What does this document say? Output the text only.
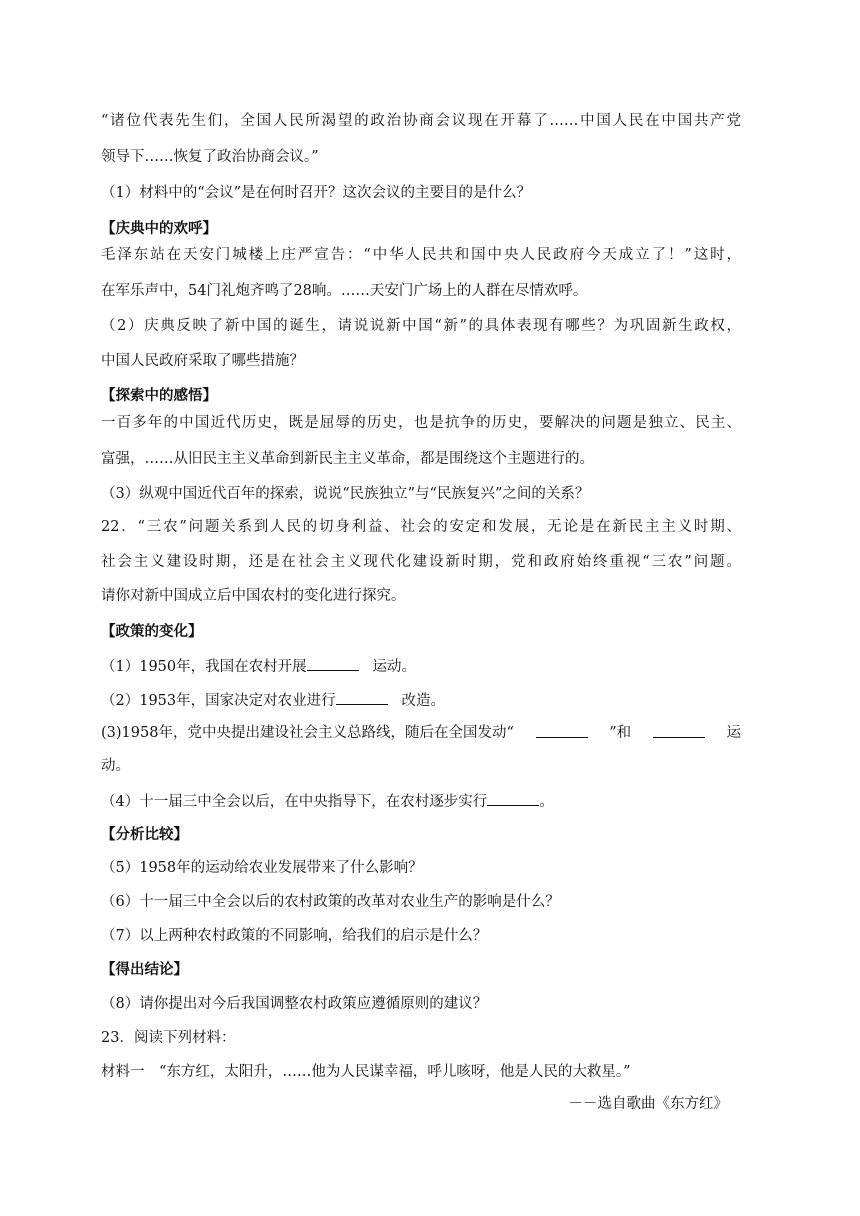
“诸位代表先生们，全国人民所渴望的政治协商会议现在开幕了……中国人民在中国共产党
领导下……恢复了政治协商会议。”
（1）材料中的“会议”是在何时召开？这次会议的主要目的是什么？
【庆典中的欢呼】
毛泽东站在天安门城楼上庄严宣告：“中华人民共和国中央人民政府今天成立了！”这时，
在军乐声中，54门礼炮齐鸣了28响。……天安门广场上的人群在尽情欢呼。
（2）庆典反映了新中国的诞生，请说说新中国“新”的具体表现有哪些？为巩固新生政权，
中国人民政府采取了哪些措施？
【探索中的感悟】
一百多年的中国近代历史，既是屈辱的历史，也是抗争的历史，要解决的问题是独立、民主、
富强，……从旧民主主义革命到新民主主义革命，都是围绕这个主题进行的。
（3）纵观中国近代百年的探索，说说“民族独立”与“民族复兴”之间的关系？
22．“三农”问题关系到人民的切身利益、社会的安定和发展，无论是在新民主主义时期、
社会主义建设时期，还是在社会主义现代化建设新时期，党和政府始终重视“三农”问题。
请你对新中国成立后中国农村的变化进行探究。
【政策的变化】
（1）1950年，我国在农村开展	运动。
（2）1953年，国家决定对农业进行	改造。
(3)1958年，党中央提出建设社会主义总路线，随后在全国发动“	”和	运
动。
（4）十一届三中全会以后，在中央指导下，在农村逐步实行	。
【分析比较】
（5）1958年的运动给农业发展带来了什么影响？
（6）十一届三中全会以后的农村政策的改革对农业生产的影响是什么？
（7）以上两种农村政策的不同影响，给我们的启示是什么？
【得出结论】
（8）请你提出对今后我国调整农村政策应遵循原则的建议？
23．阅读下列材料：
材料一　“东方红，太阳升，……他为人民谋幸福，呼儿咳呀，他是人民的大救星。”
－－选自歌曲《东方红》
